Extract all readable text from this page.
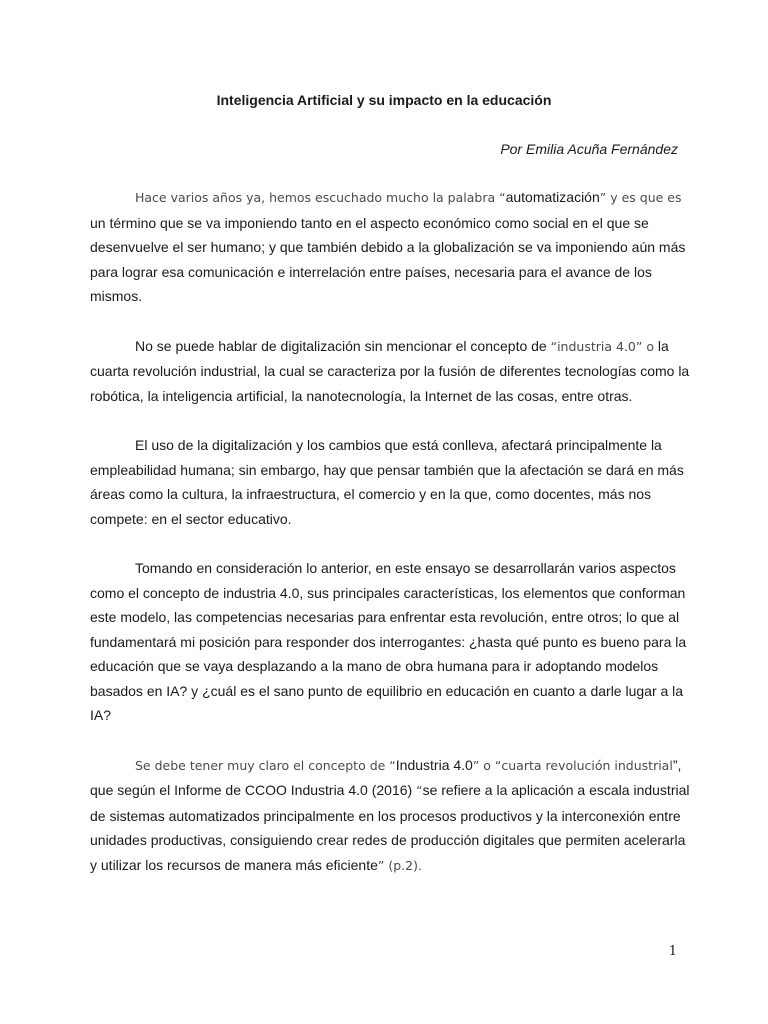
Inteligencia Artificial y su impacto en la educación
Por Emilia Acuña Fernández

Hace varios años ya, hemos escuchado mucho la palabra “automatización” y es que es un término que se va imponiendo tanto en el aspecto económico como social en el que se desenvuelve el ser humano; y que también debido a la globalización se va imponiendo aún más para lograr esa comunicación e interrelación entre países, necesaria para el avance de los mismos.

No se puede hablar de digitalización sin mencionar el concepto de “industria 4.0” o la cuarta revolución industrial, la cual se caracteriza por la fusión de diferentes tecnologías como la robótica, la inteligencia artificial, la nanotecnología, la Internet de las cosas, entre otras.

El uso de la digitalización y los cambios que está conlleva, afectará principalmente la empleabilidad humana; sin embargo, hay que pensar también que la afectación se dará en más áreas como la cultura, la infraestructura, el comercio y en la que, como docentes, más nos compete: en el sector educativo.

Tomando en consideración lo anterior, en este ensayo se desarrollarán varios aspectos como el concepto de industria 4.0, sus principales características, los elementos que conforman este modelo, las competencias necesarias para enfrentar esta revolución, entre otros; lo que al fundamentará mi posición para responder dos interrogantes: ¿hasta qué punto es bueno para la educación que se vaya desplazando a la mano de obra humana para ir adoptando modelos basados en IA? y ¿cuál es el sano punto de equilibrio en educación en cuanto a darle lugar a la IA?

Se debe tener muy claro el concepto de “Industria 4.0” o “cuarta revolución industrial”, que según el Informe de CCOO Industria 4.0 (2016) “se refiere a la aplicación a escala industrial de sistemas automatizados principalmente en los procesos productivos y la interconexión entre unidades productivas, consiguiendo crear redes de producción digitales que permiten acelerarla y utilizar los recursos de manera más eficiente” (p.2).

1
